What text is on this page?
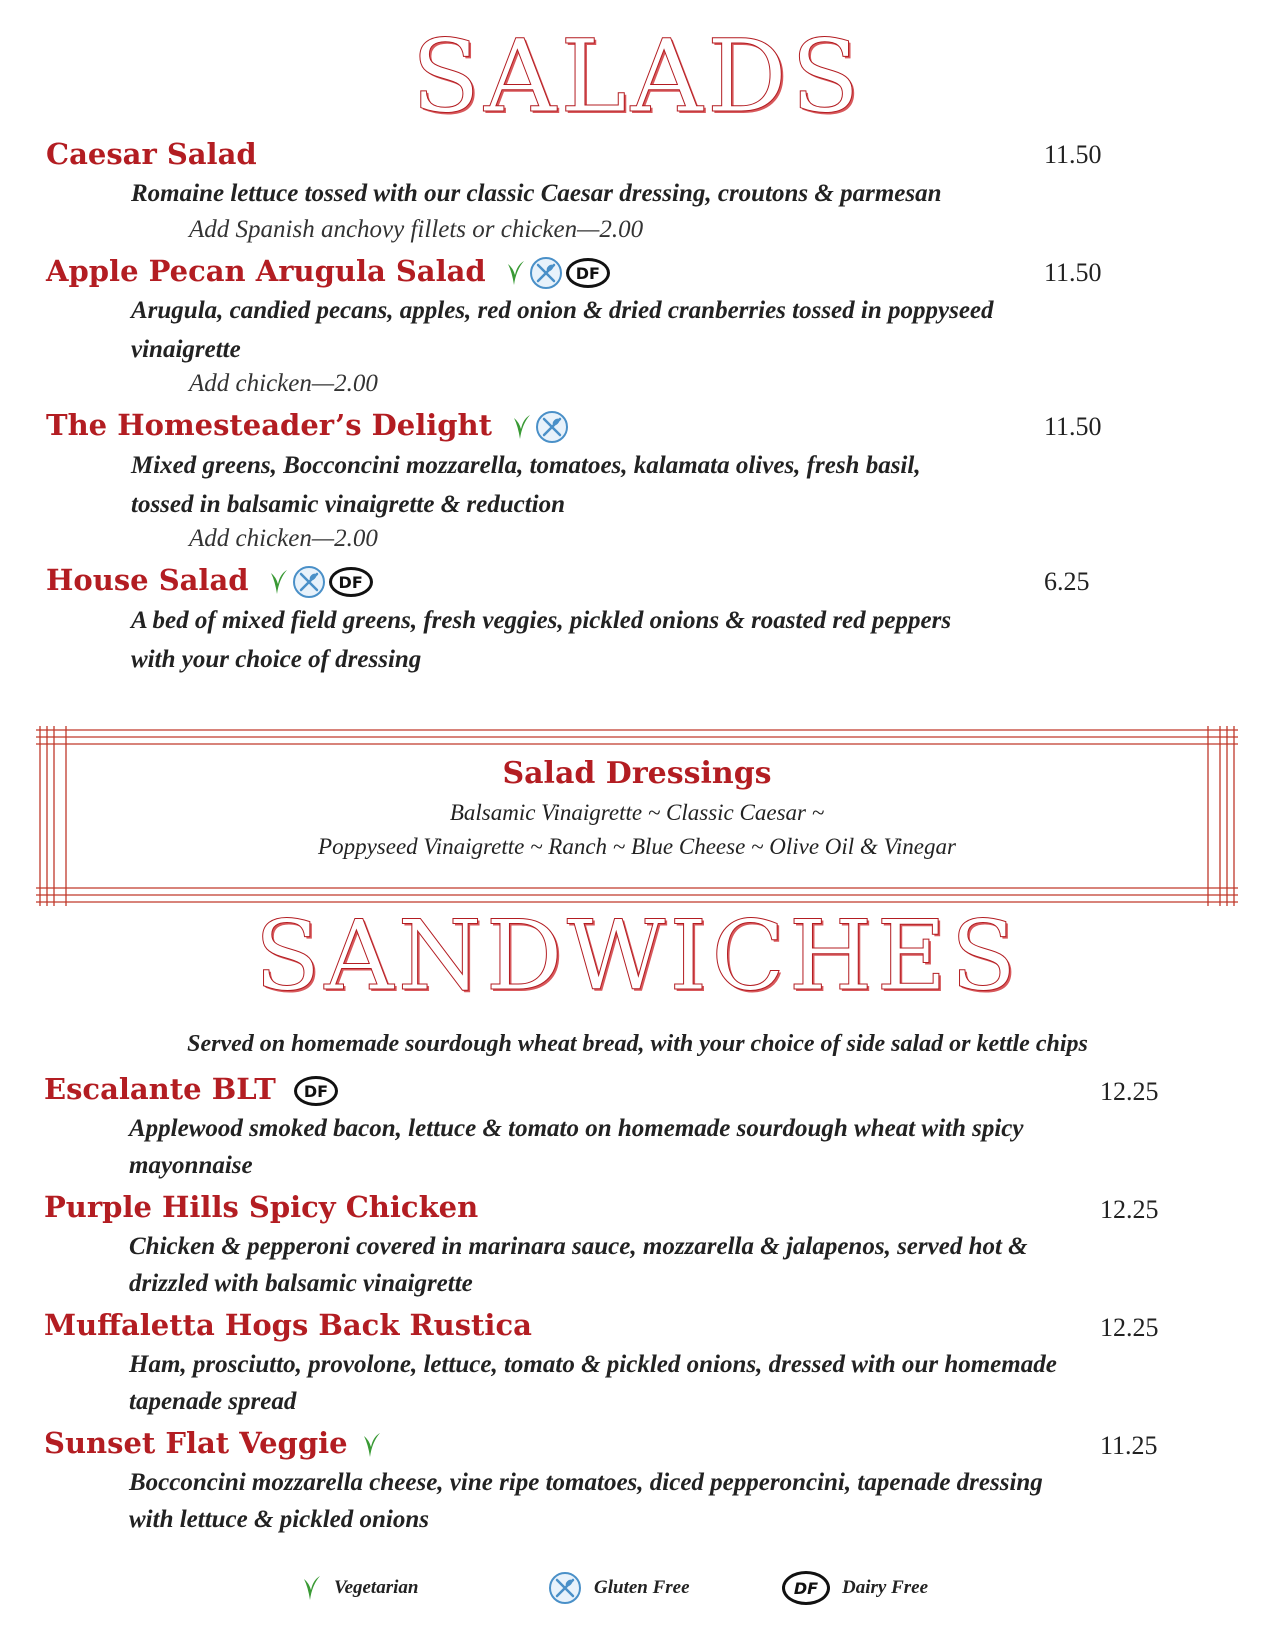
SALADS
Caesar Salad	11.50
Romaine lettuce tossed with our classic Caesar dressing, croutons & parmesan
Add Spanish anchovy fillets or chicken—2.00
Apple Pecan Arugula Salad	DF	11.50
Arugula, candied pecans, apples, red onion & dried cranberries tossed in poppyseed
vinaigrette
Add chicken—2.00
The Homesteader’s Delight	11.50
Mixed greens, Bocconcini mozzarella, tomatoes, kalamata olives, fresh basil,
tossed in balsamic vinaigrette & reduction
Add chicken—2.00
House Salad	DF	6.25
A bed of mixed field greens, fresh veggies, pickled onions & roasted red peppers
with your choice of dressing
Salad Dressings
Balsamic Vinaigrette ~ Classic Caesar ~
Poppyseed Vinaigrette ~ Ranch ~ Blue Cheese ~ Olive Oil & Vinegar
SANDWICHES
Served on homemade sourdough wheat bread, with your choice of side salad or kettle chips
Escalante BLT	DF	12.25
Applewood smoked bacon, lettuce & tomato on homemade sourdough wheat with spicy
mayonnaise
Purple Hills Spicy Chicken	12.25
Chicken & pepperoni covered in marinara sauce, mozzarella & jalapenos, served hot &
drizzled with balsamic vinaigrette
Muffaletta Hogs Back Rustica	12.25
Ham, prosciutto, provolone, lettuce, tomato & pickled onions, dressed with our homemade
tapenade spread
Sunset Flat Veggie	11.25
Bocconcini mozzarella cheese, vine ripe tomatoes, diced pepperoncini, tapenade dressing
with lettuce & pickled onions
Vegetarian	Gluten Free	DF	Dairy Free
